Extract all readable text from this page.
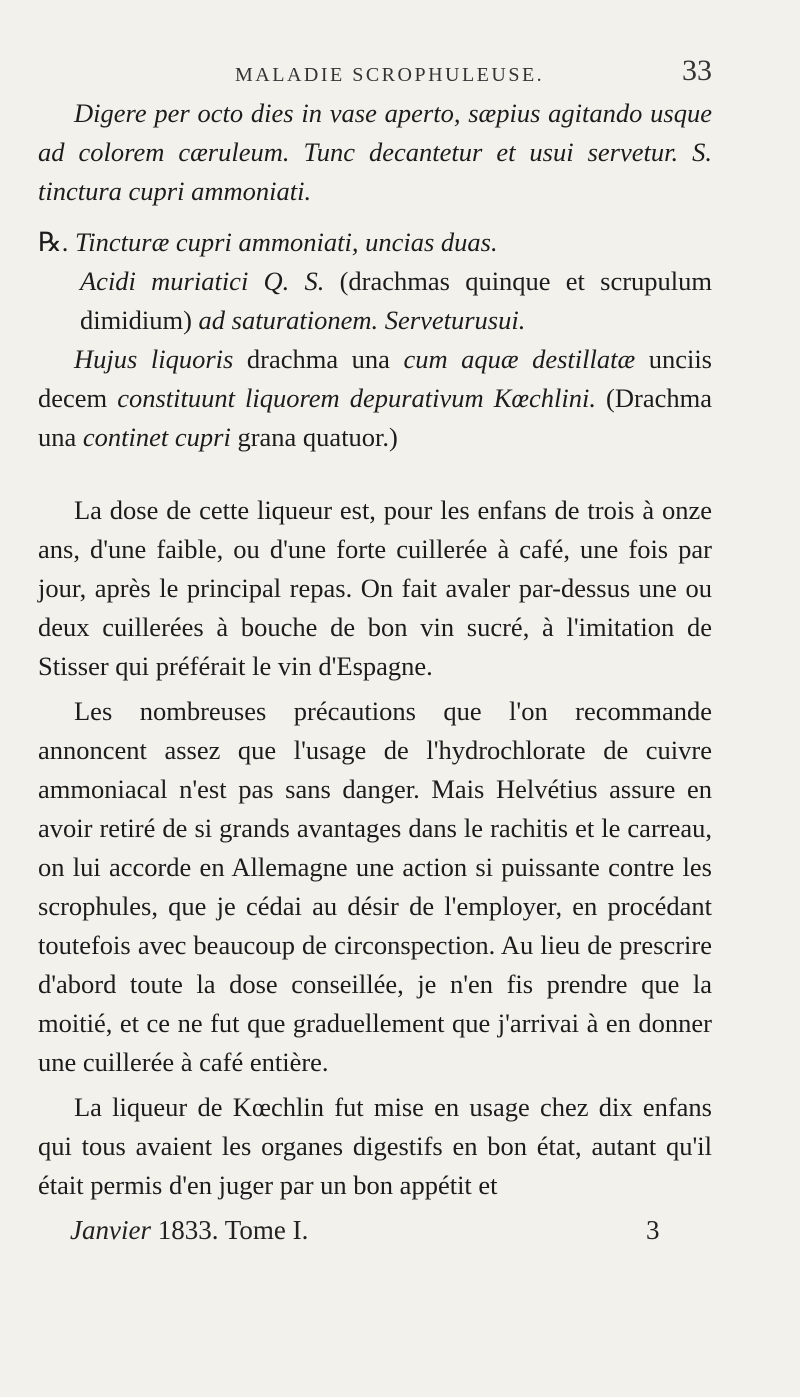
MALADIE SCROPHULEUSE.	33

Digere per octo dies in vase aperto, sæpius agitando usque ad colorem cæruleum. Tunc decantetur et usui servetur. S. tinctura cupri ammoniati.

℞. Tincturæ cupri ammoniati, uncias duas.

Acidi muriatici Q. S. (drachmas quinque et scrupulum dimidium) ad saturationem. Serveturusui.

Hujus liquoris drachma una cum aquæ destillatæ unciis decem constituunt liquorem depurativum Kœchlini. (Drachma una continet cupri grana quatuor.)

La dose de cette liqueur est, pour les enfans de trois à onze ans, d'une faible, ou d'une forte cuillerée à café, une fois par jour, après le principal repas. On fait avaler par-dessus une ou deux cuillerées à bouche de bon vin sucré, à l'imitation de Stisser qui préférait le vin d'Espagne.

Les nombreuses précautions que l'on recommande annoncent assez que l'usage de l'hydrochlorate de cuivre ammoniacal n'est pas sans danger. Mais Helvétius assure en avoir retiré de si grands avantages dans le rachitis et le carreau, on lui accorde en Allemagne une action si puissante contre les scrophules, que je cédai au désir de l'employer, en procédant toutefois avec beaucoup de circonspection. Au lieu de prescrire d'abord toute la dose conseillée, je n'en fis prendre que la moitié, et ce ne fut que graduellement que j'arrivai à en donner une cuillerée à café entière.

La liqueur de Kœchlin fut mise en usage chez dix enfans qui tous avaient les organes digestifs en bon état, autant qu'il était permis d'en juger par un bon appétit et

Janvier 1833. Tome I.	3
